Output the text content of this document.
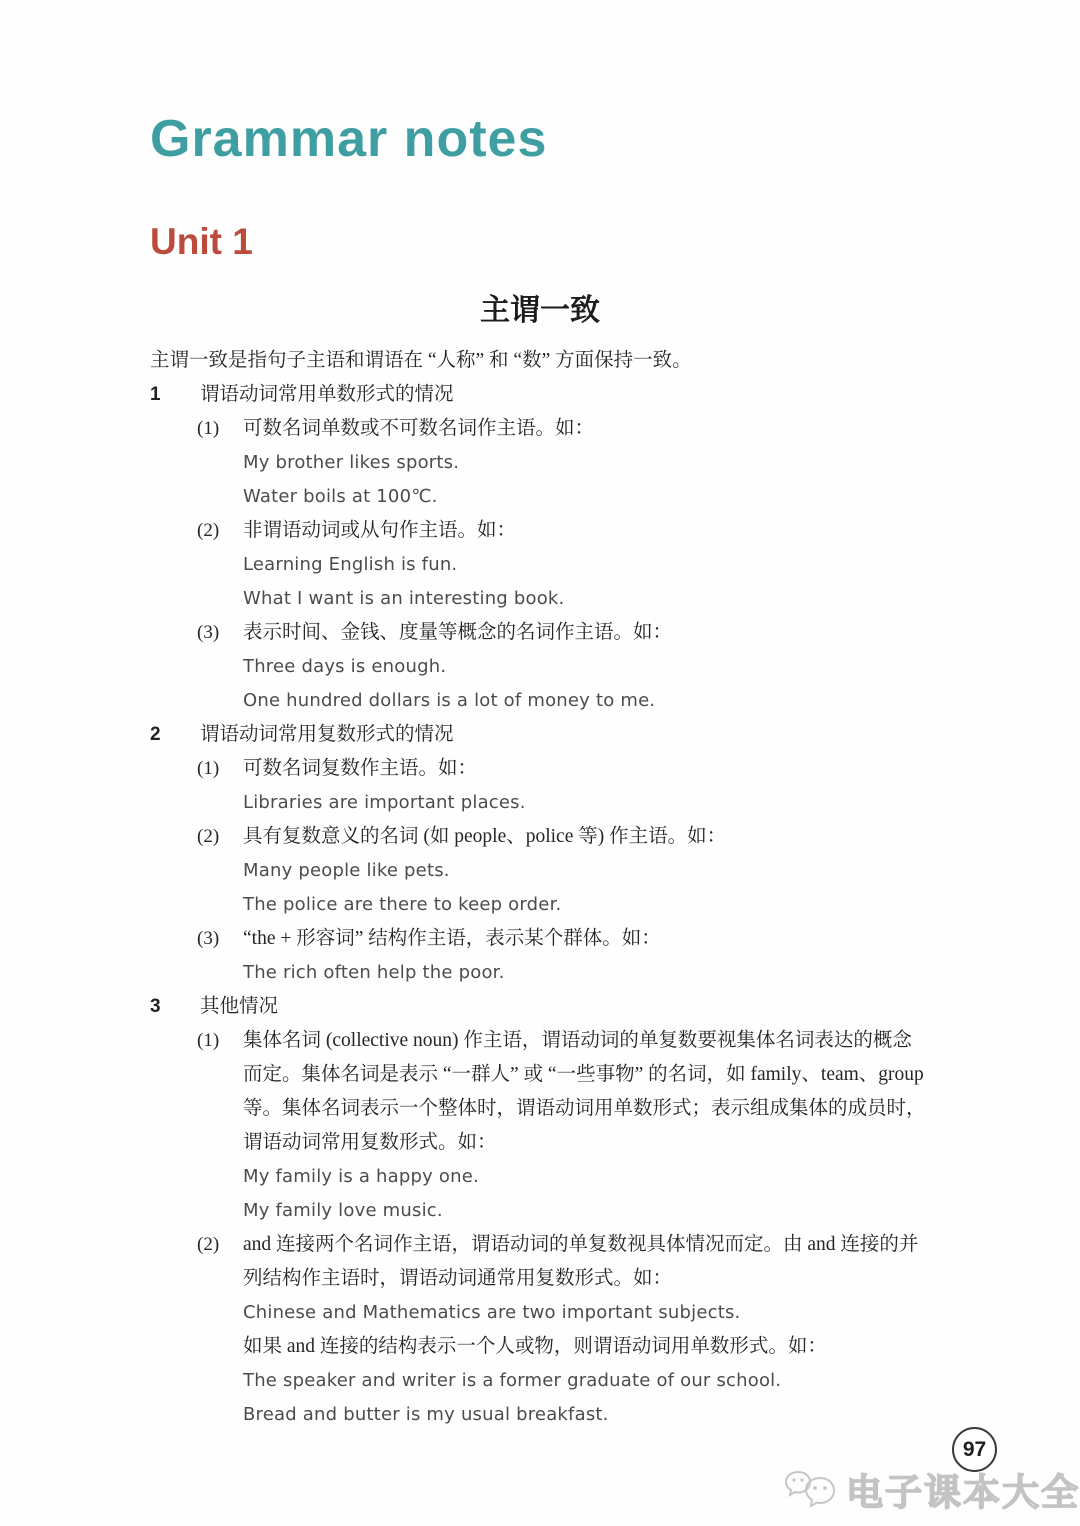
Grammar notes
Unit 1
主谓一致

主谓一致是指句子主语和谓语在 “人称” 和 “数” 方面保持一致。

1	谓语动词常用单数形式的情况
(1)	可数名词单数或不可数名词作主语。如：
My brother likes sports.
Water boils at 100℃.
(2)	非谓语动词或从句作主语。如：
Learning English is fun.
What I want is an interesting book.
(3)	表示时间、金钱、度量等概念的名词作主语。如：
Three days is enough.
One hundred dollars is a lot of money to me.
2	谓语动词常用复数形式的情况
(1)	可数名词复数作主语。如：
Libraries are important places.
(2)	具有复数意义的名词 (如 people、police 等) 作主语。如：
Many people like pets.
The police are there to keep order.
(3)	“the + 形容词” 结构作主语，表示某个群体。如：
The rich often help the poor.
3	其他情况
(1)	集体名词 (collective noun) 作主语，谓语动词的单复数要视集体名词表达的概念而定。集体名词是表示 “一群人” 或 “一些事物” 的名词，如 family、team、group 等。集体名词表示一个整体时，谓语动词用单数形式；表示组成集体的成员时，谓语动词常用复数形式。如：
My family is a happy one.
My family love music.
(2)	and 连接两个名词作主语，谓语动词的单复数视具体情况而定。由 and 连接的并列结构作主语时，谓语动词通常用复数形式。如：
Chinese and Mathematics are two important subjects.
如果 and 连接的结构表示一个人或物，则谓语动词用单数形式。如：
The speaker and writer is a former graduate of our school.
Bread and butter is my usual breakfast.
97
电子课本大全
